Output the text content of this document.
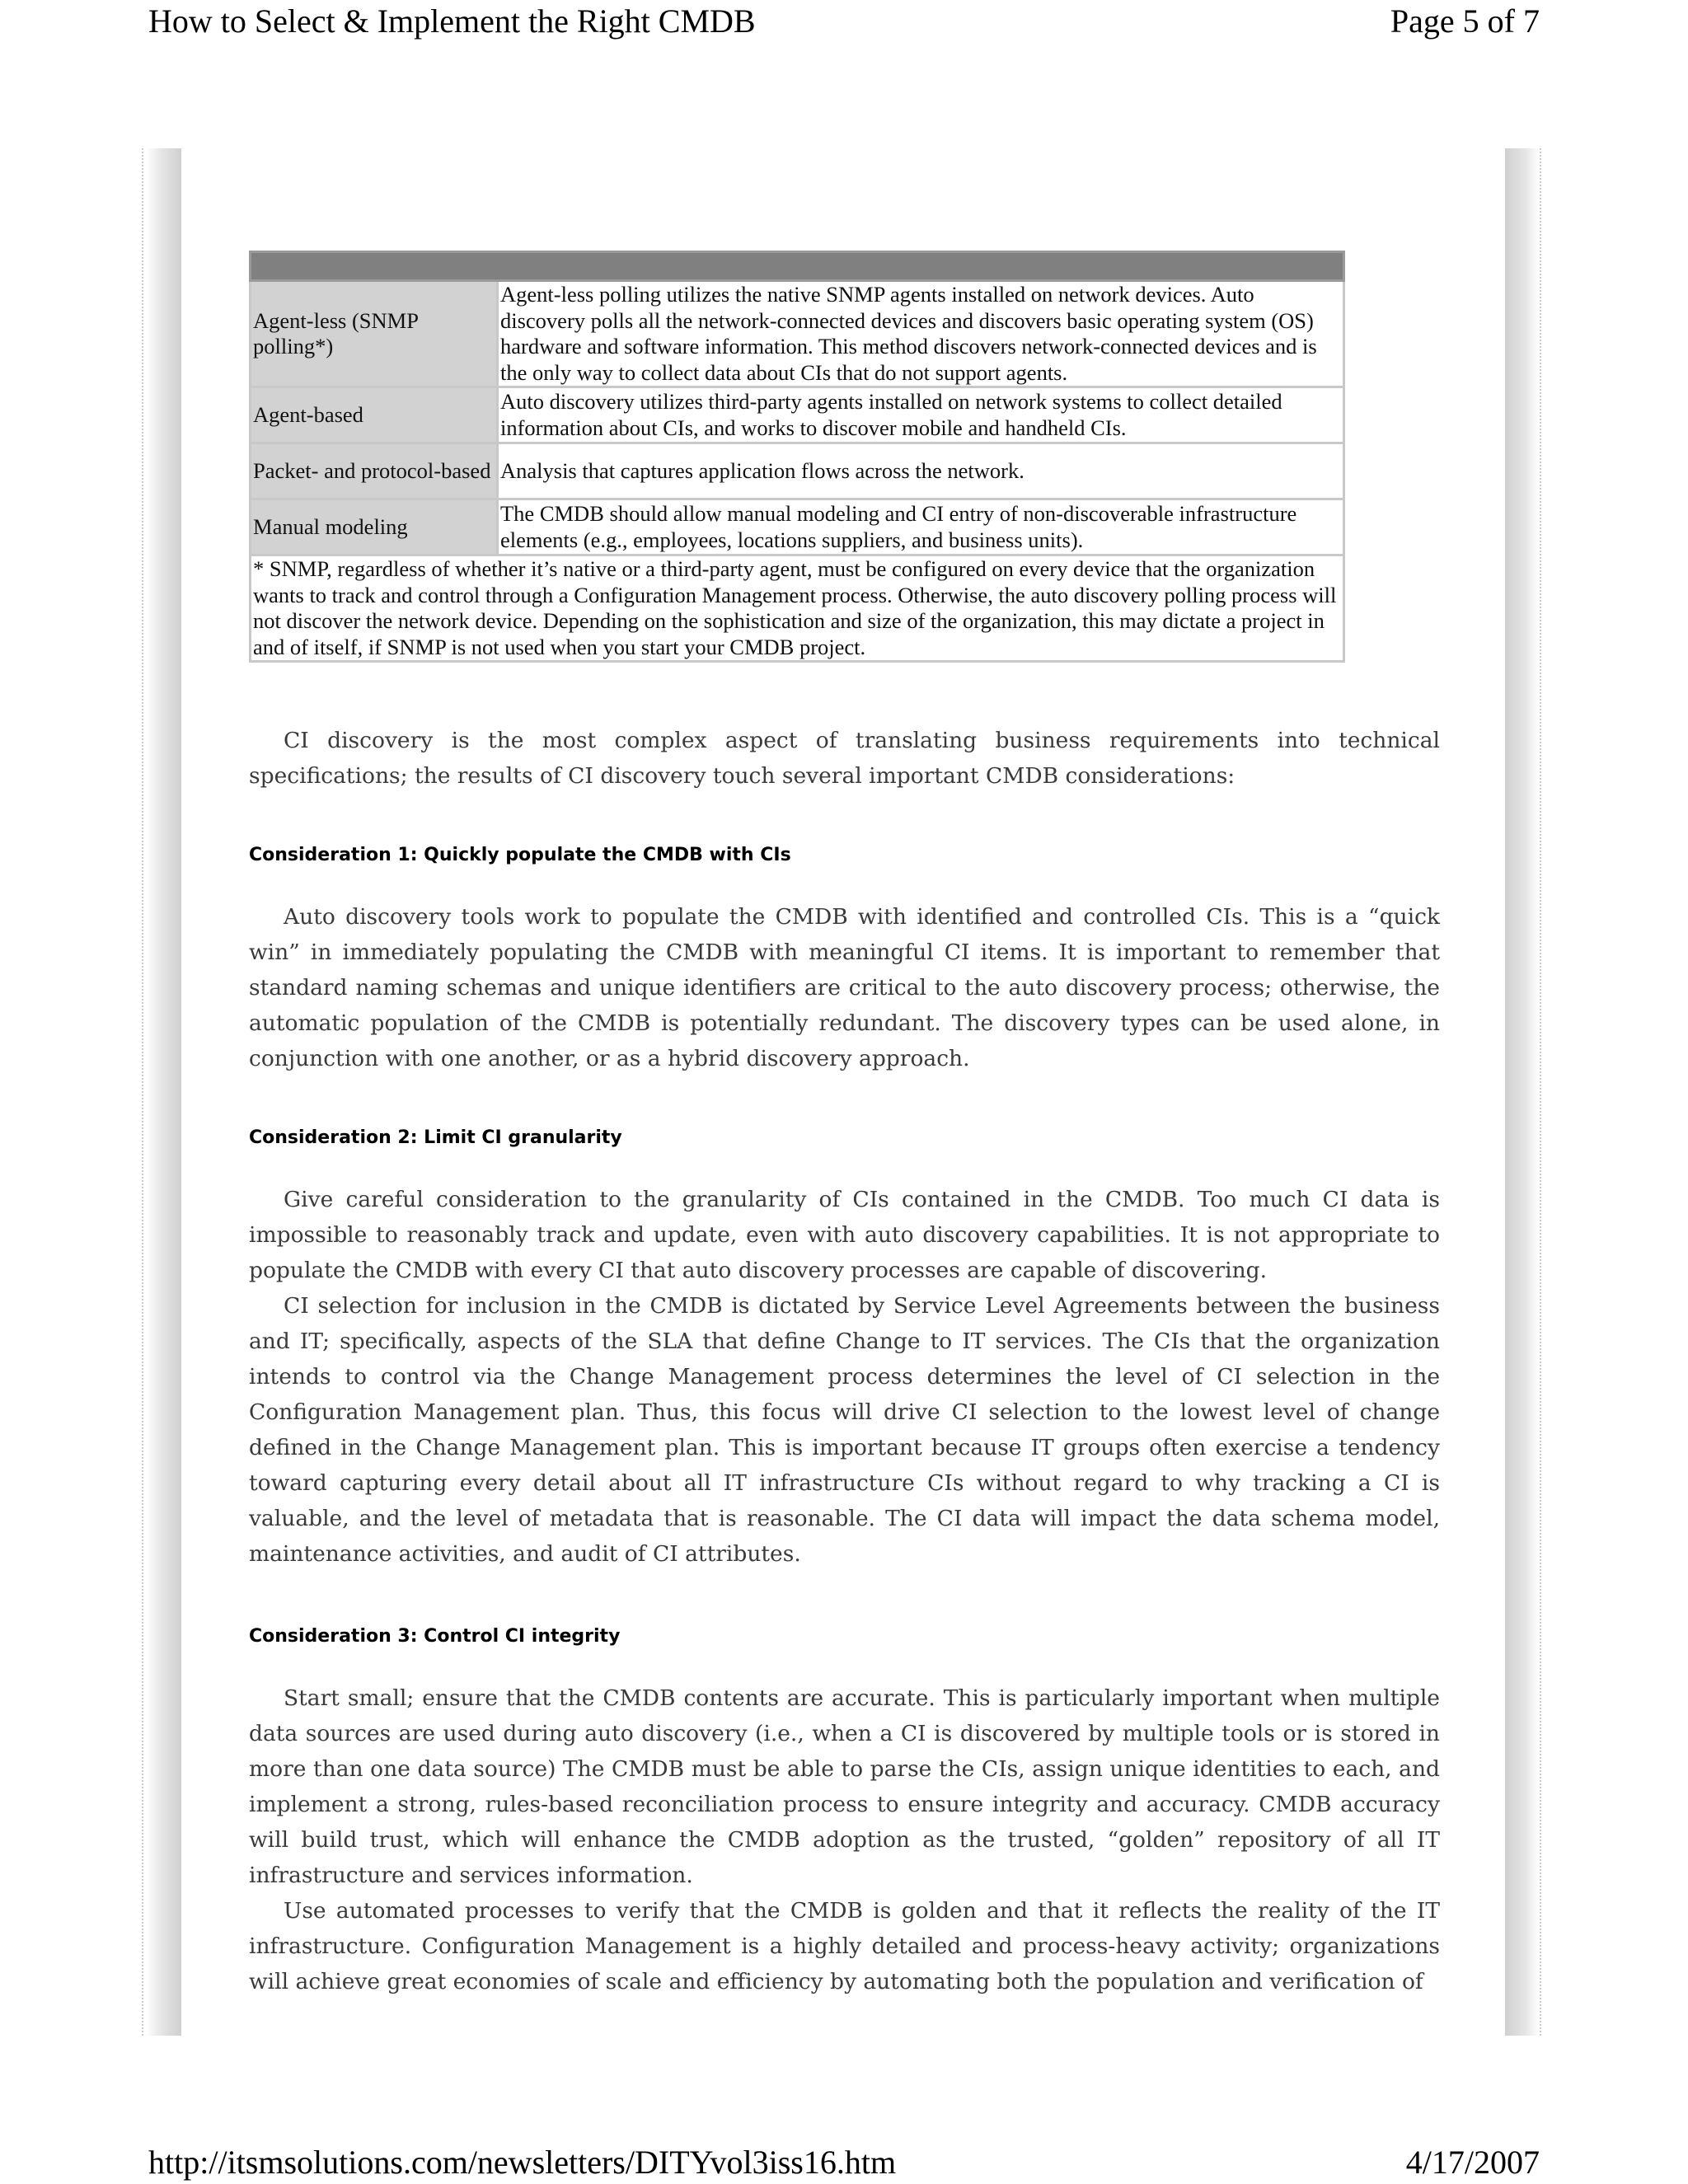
How to Select & Implement the Right CMDB	Page 5 of 7

Agent-less (SNMP polling*)	Agent-less polling utilizes the native SNMP agents installed on network devices. Auto discovery polls all the network-connected devices and discovers basic operating system (OS) hardware and software information. This method discovers network-connected devices and is the only way to collect data about CIs that do not support agents.
Agent-based	Auto discovery utilizes third-party agents installed on network systems to collect detailed information about CIs, and works to discover mobile and handheld CIs.
Packet- and protocol-based	Analysis that captures application flows across the network.
Manual modeling	The CMDB should allow manual modeling and CI entry of non-discoverable infrastructure elements (e.g., employees, locations suppliers, and business units).
* SNMP, regardless of whether it’s native or a third-party agent, must be configured on every device that the organization wants to track and control through a Configuration Management process. Otherwise, the auto discovery polling process will not discover the network device. Depending on the sophistication and size of the organization, this may dictate a project in and of itself, if SNMP is not used when you start your CMDB project.	

CI discovery is the most complex aspect of translating business requirements into technical specifications; the results of CI discovery touch several important CMDB considerations:

Consideration 1: Quickly populate the CMDB with CIs

Auto discovery tools work to populate the CMDB with identified and controlled CIs. This is a “quick win” in immediately populating the CMDB with meaningful CI items. It is important to remember that standard naming schemas and unique identifiers are critical to the auto discovery process; otherwise, the automatic population of the CMDB is potentially redundant. The discovery types can be used alone, in conjunction with one another, or as a hybrid discovery approach.

Consideration 2: Limit CI granularity

Give careful consideration to the granularity of CIs contained in the CMDB. Too much CI data is impossible to reasonably track and update, even with auto discovery capabilities. It is not appropriate to populate the CMDB with every CI that auto discovery processes are capable of discovering.

CI selection for inclusion in the CMDB is dictated by Service Level Agreements between the business and IT; specifically, aspects of the SLA that define Change to IT services. The CIs that the organization intends to control via the Change Management process determines the level of CI selection in the Configuration Management plan. Thus, this focus will drive CI selection to the lowest level of change defined in the Change Management plan. This is important because IT groups often exercise a tendency toward capturing every detail about all IT infrastructure CIs without regard to why tracking a CI is valuable, and the level of metadata that is reasonable. The CI data will impact the data schema model, maintenance activities, and audit of CI attributes.

Consideration 3: Control CI integrity

Start small; ensure that the CMDB contents are accurate. This is particularly important when multiple data sources are used during auto discovery (i.e., when a CI is discovered by multiple tools or is stored in more than one data source) The CMDB must be able to parse the CIs, assign unique identities to each, and implement a strong, rules-based reconciliation process to ensure integrity and accuracy. CMDB accuracy will build trust, which will enhance the CMDB adoption as the trusted, “golden” repository of all IT infrastructure and services information.

Use automated processes to verify that the CMDB is golden and that it reflects the reality of the IT infrastructure. Configuration Management is a highly detailed and process-heavy activity; organizations will achieve great economies of scale and efficiency by automating both the population and verification of

http://itsmsolutions.com/newsletters/DITYvol3iss16.htm	4/17/2007
